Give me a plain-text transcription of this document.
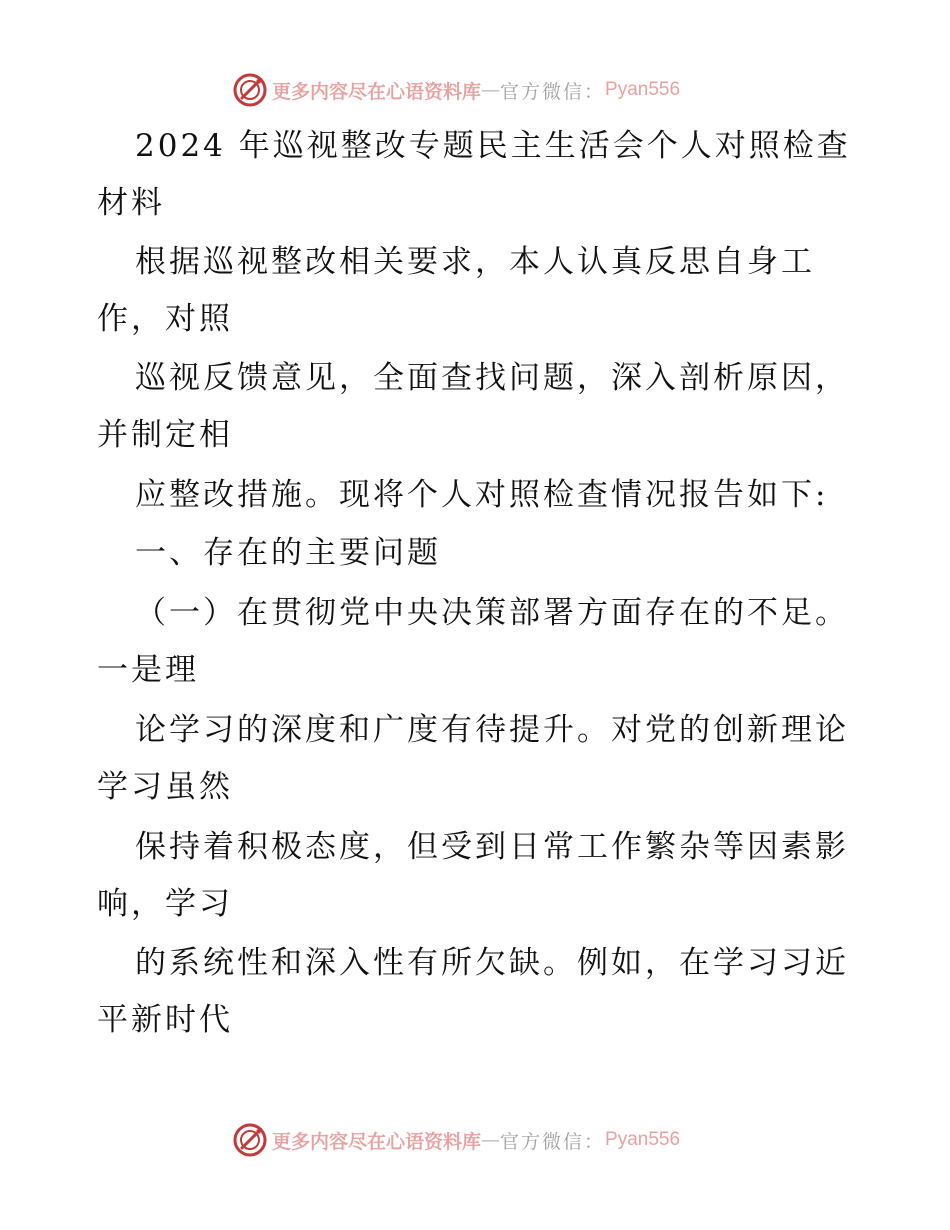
更多内容尽在心语资料库 — 官方微信： Pyan556
2024 年巡视整改专题民主生活会个人对照检查
材料
根据巡视整改相关要求，本人认真反思自身工
作，对照
巡视反馈意见，全面查找问题，深入剖析原因，
并制定相
应整改措施。现将个人对照检查情况报告如下:
一、存在的主要问题
（一）在贯彻党中央决策部署方面存在的不足。
一是理
论学习的深度和广度有待提升。对党的创新理论
学习虽然
保持着积极态度，但受到日常工作繁杂等因素影
响，学习
的系统性和深入性有所欠缺。例如，在学习习近
平新时代
更多内容尽在心语资料库 — 官方微信： Pyan556
